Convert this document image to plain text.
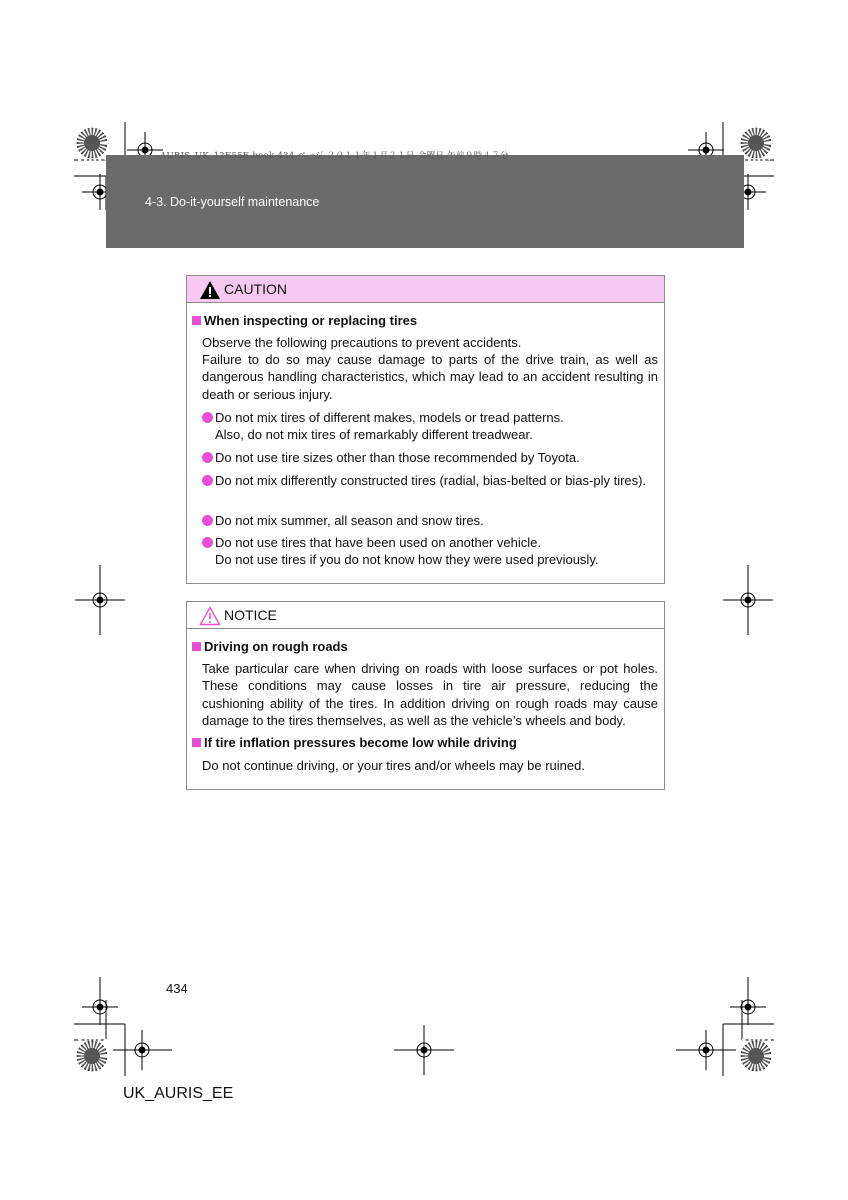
AURIS_UK_12E55E.book 434 ページ ２０１１年１月２１日 金曜日 午前９時４７分
4-3. Do-it-yourself maintenance
CAUTION
When inspecting or replacing tires
Observe the following precautions to prevent accidents.
Failure to do so may cause damage to parts of the drive train, as well as dangerous handling characteristics, which may lead to an accident resulting in death or serious injury.
Do not mix tires of different makes, models or tread patterns.
Also, do not mix tires of remarkably different treadwear.
Do not use tire sizes other than those recommended by Toyota.
Do not mix differently constructed tires (radial, bias-belted or bias-ply tires).
Do not mix summer, all season and snow tires.
Do not use tires that have been used on another vehicle.
Do not use tires if you do not know how they were used previously.
NOTICE
Driving on rough roads
Take particular care when driving on roads with loose surfaces or pot holes. These conditions may cause losses in tire air pressure, reducing the cushioning ability of the tires. In addition driving on rough roads may cause damage to the tires themselves, as well as the vehicle’s wheels and body.
If tire inflation pressures become low while driving
Do not continue driving, or your tires and/or wheels may be ruined.
434
UK_AURIS_EE
